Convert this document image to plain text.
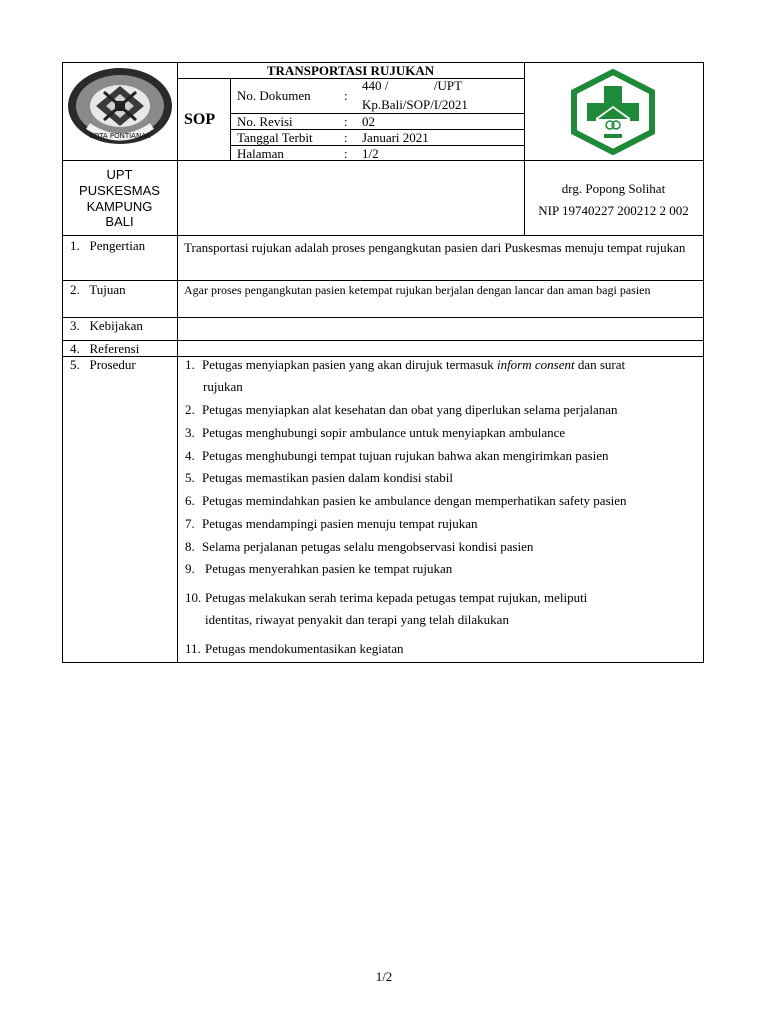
KOTA PONTIANAK
TRANSPORTASI RUJUKAN
SOP
No. Dokumen	:
440 /              /UPT
Kp.Bali/SOP/I/2021
No. Revisi	: 02
Tanggal Terbit : Januari 2021
Halaman	: 1/2
UPT
PUSKESMAS
KAMPUNG
BALI
drg. Popong Solihat
NIP 19740227 200212 2 002
1.   Pengertian	Transportasi rujukan adalah proses pengangkutan pasien dari Puskesmas menuju tempat rujukan
2.   Tujuan	Agar proses pengangkutan pasien ketempat rujukan berjalan dengan lancar dan aman bagi pasien
3.   Kebijakan
4.   Referensi
5.   Prosedur	1. Petugas menyiapkan pasien yang akan dirujuk termasuk inform consent dan surat
rujukan
2. Petugas menyiapkan alat kesehatan dan obat yang diperlukan selama perjalanan
3. Petugas menghubungi sopir ambulance untuk menyiapkan ambulance
4. Petugas menghubungi tempat tujuan rujukan bahwa akan mengirimkan pasien
5. Petugas memastikan pasien dalam kondisi stabil
6. Petugas memindahkan pasien ke ambulance dengan memperhatikan safety pasien
7. Petugas mendampingi pasien menuju tempat rujukan
8. Selama perjalanan petugas selalu mengobservasi kondisi pasien
9. Petugas menyerahkan pasien ke tempat rujukan
10. Petugas melakukan serah terima kepada petugas tempat rujukan, meliputi
identitas, riwayat penyakit dan terapi yang telah dilakukan
11. Petugas mendokumentasikan kegiatan
1/2
